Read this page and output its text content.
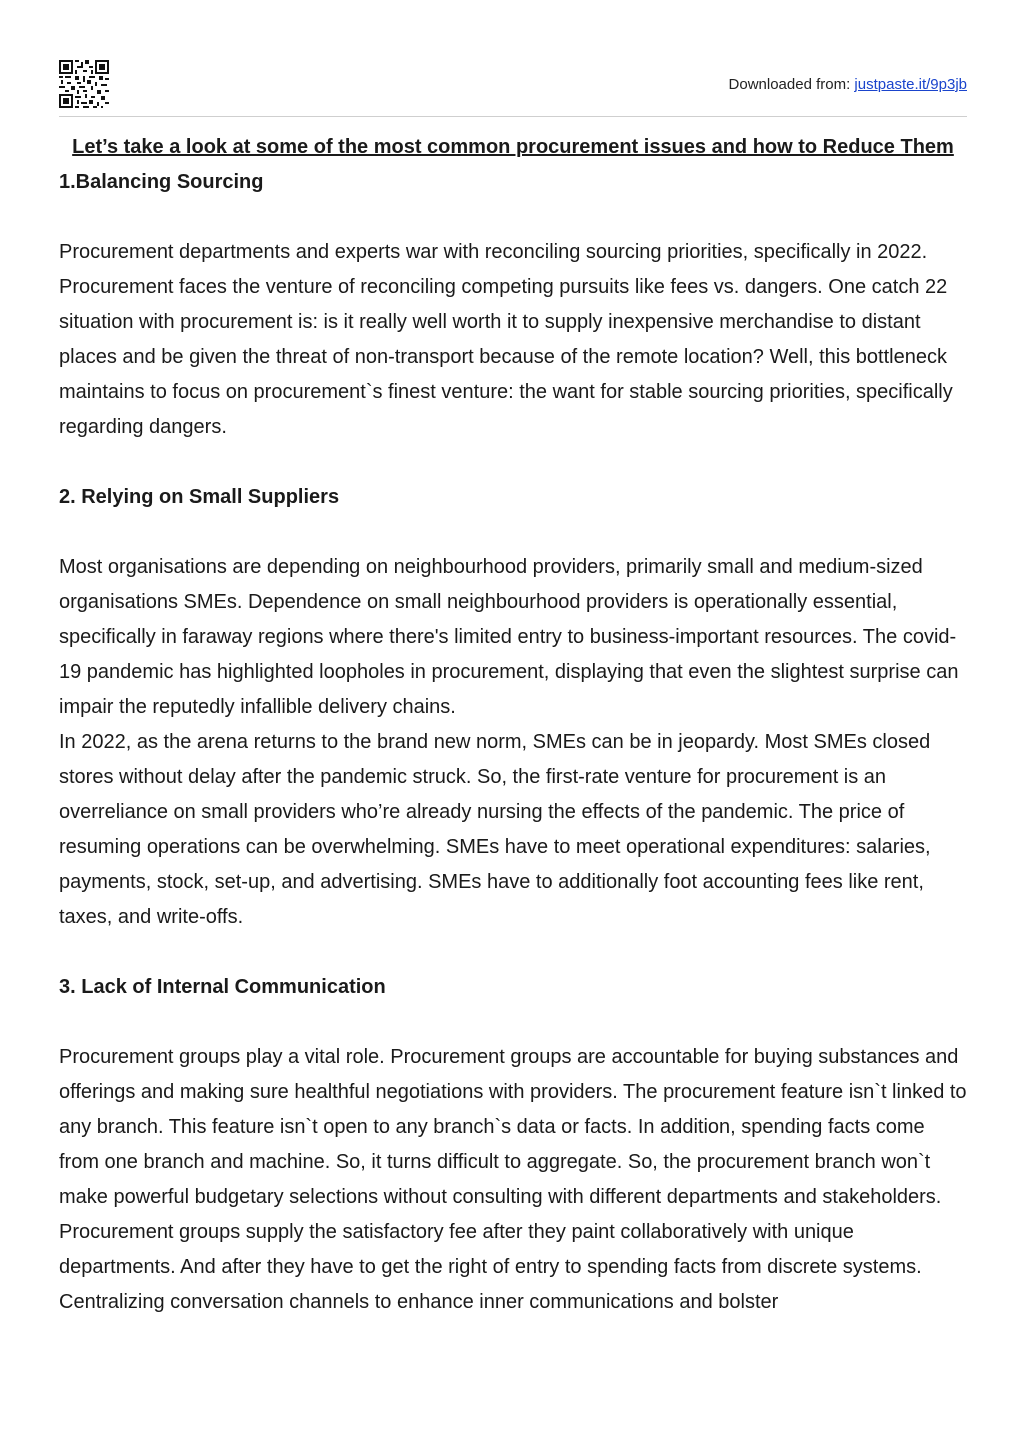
Downloaded from: justpaste.it/9p3jb

Let’s take a look at some of the most common procurement issues and how to Reduce Them

1.Balancing Sourcing

Procurement departments and experts war with reconciling sourcing priorities, specifically in 2022. Procurement faces the venture of reconciling competing pursuits like fees vs. dangers. One catch 22 situation with procurement is: is it really well worth it to supply inexpensive merchandise to distant places and be given the threat of non-transport because of the remote location? Well, this bottleneck maintains to focus on procurement`s finest venture: the want for stable sourcing priorities, specifically regarding dangers.

2. Relying on Small Suppliers

Most organisations are depending on neighbourhood providers, primarily small and medium-sized organisations SMEs. Dependence on small neighbourhood providers is operationally essential, specifically in faraway regions where there's limited entry to business-important resources. The covid-19 pandemic has highlighted loopholes in procurement, displaying that even the slightest surprise can impair the reputedly infallible delivery chains.

In 2022, as the arena returns to the brand new norm, SMEs can be in jeopardy. Most SMEs closed stores without delay after the pandemic struck. So, the first-rate venture for procurement is an overreliance on small providers who’re already nursing the effects of the pandemic. The price of resuming operations can be overwhelming. SMEs have to meet operational expenditures: salaries, payments, stock, set-up, and advertising. SMEs have to additionally foot accounting fees like rent, taxes, and write-offs.

3. Lack of Internal Communication

Procurement groups play a vital role. Procurement groups are accountable for buying substances and offerings and making sure healthful negotiations with providers. The procurement feature isn`t linked to any branch. This feature isn`t open to any branch`s data or facts. In addition, spending facts come from one branch and machine. So, it turns difficult to aggregate. So, the procurement branch won`t make powerful budgetary selections without consulting with different departments and stakeholders.

Procurement groups supply the satisfactory fee after they paint collaboratively with unique departments. And after they have to get the right of entry to spending facts from discrete systems. Centralizing conversation channels to enhance inner communications and bolster
